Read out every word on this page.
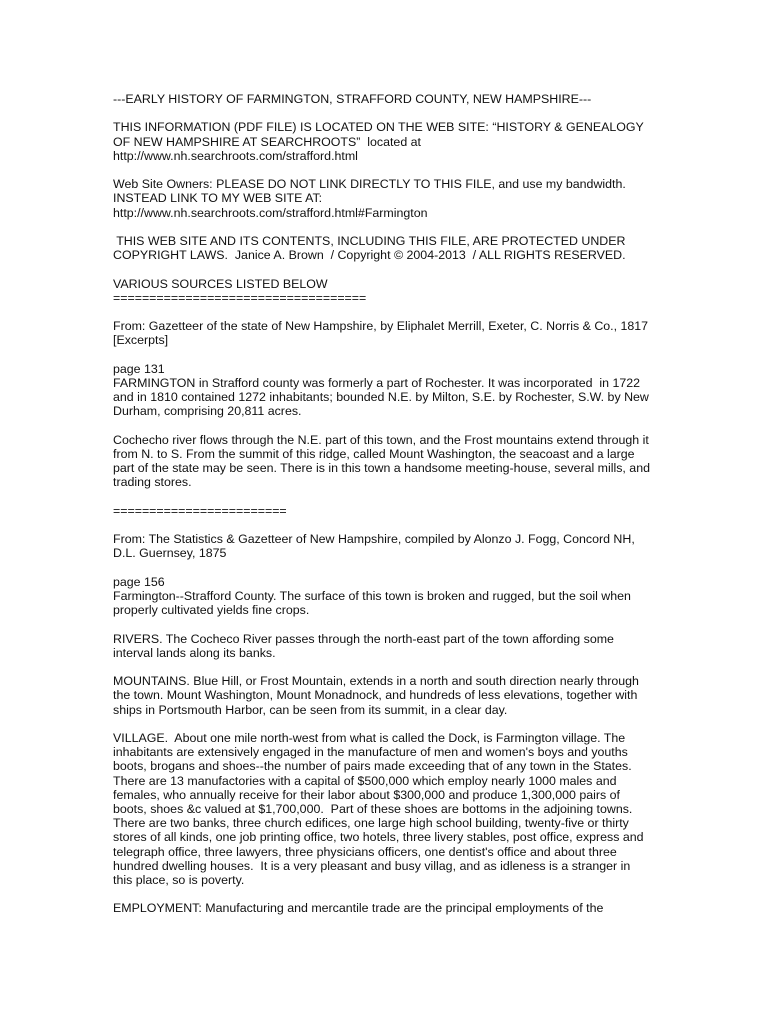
---EARLY HISTORY OF FARMINGTON, STRAFFORD COUNTY, NEW HAMPSHIRE---
THIS INFORMATION (PDF FILE) IS LOCATED ON THE WEB SITE: “HISTORY & GENEALOGY
OF NEW HAMPSHIRE AT SEARCHROOTS”  located at
http://www.nh.searchroots.com/strafford.html
Web Site Owners: PLEASE DO NOT LINK DIRECTLY TO THIS FILE, and use my bandwidth.
INSTEAD LINK TO MY WEB SITE AT:
http://www.nh.searchroots.com/strafford.html#Farmington
THIS WEB SITE AND ITS CONTENTS, INCLUDING THIS FILE, ARE PROTECTED UNDER
COPYRIGHT LAWS.  Janice A. Brown  / Copyright © 2004-2013  / ALL RIGHTS RESERVED.
VARIOUS SOURCES LISTED BELOW
===================================
From: Gazetteer of the state of New Hampshire, by Eliphalet Merrill, Exeter, C. Norris & Co., 1817
[Excerpts]
page 131
FARMINGTON in Strafford county was formerly a part of Rochester. It was incorporated  in 1722
and in 1810 contained 1272 inhabitants; bounded N.E. by Milton, S.E. by Rochester, S.W. by New
Durham, comprising 20,811 acres.
Cochecho river flows through the N.E. part of this town, and the Frost mountains extend through it
from N. to S. From the summit of this ridge, called Mount Washington, the seacoast and a large
part of the state may be seen. There is in this town a handsome meeting-house, several mills, and
trading stores.
========================
From: The Statistics & Gazetteer of New Hampshire, compiled by Alonzo J. Fogg, Concord NH,
D.L. Guernsey, 1875
page 156
Farmington--Strafford County. The surface of this town is broken and rugged, but the soil when
properly cultivated yields fine crops.
RIVERS. The Cocheco River passes through the north-east part of the town affording some
interval lands along its banks.
MOUNTAINS. Blue Hill, or Frost Mountain, extends in a north and south direction nearly through
the town. Mount Washington, Mount Monadnock, and hundreds of less elevations, together with
ships in Portsmouth Harbor, can be seen from its summit, in a clear day.
VILLAGE.  About one mile north-west from what is called the Dock, is Farmington village. The
inhabitants are extensively engaged in the manufacture of men and women's boys and youths
boots, brogans and shoes--the number of pairs made exceeding that of any town in the States.
There are 13 manufactories with a capital of $500,000 which employ nearly 1000 males and
females, who annually receive for their labor about $300,000 and produce 1,300,000 pairs of
boots, shoes &c valued at $1,700,000.  Part of these shoes are bottoms in the adjoining towns.
There are two banks, three church edifices, one large high school building, twenty-five or thirty
stores of all kinds, one job printing office, two hotels, three livery stables, post office, express and
telegraph office, three lawyers, three physicians officers, one dentist's office and about three
hundred dwelling houses.  It is a very pleasant and busy villag, and as idleness is a stranger in
this place, so is poverty.
EMPLOYMENT: Manufacturing and mercantile trade are the principal employments of the
